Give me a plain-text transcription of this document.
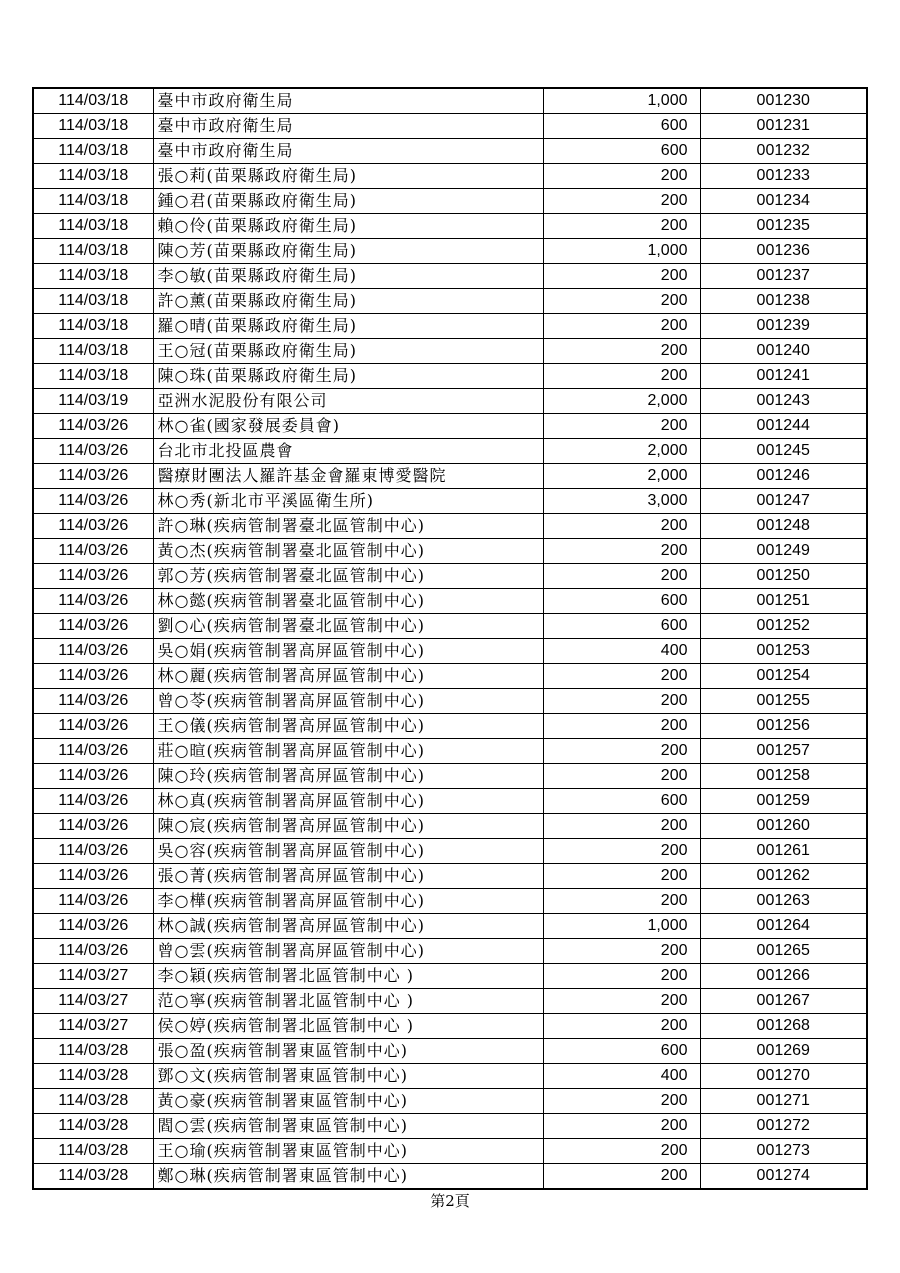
114/03/18	臺中市政府衛生局	1,000	001230
114/03/18	臺中市政府衛生局	600	001231
114/03/18	臺中市政府衛生局	600	001232
114/03/18	張○莉(苗栗縣政府衛生局)	200	001233
114/03/18	鍾○君(苗栗縣政府衛生局)	200	001234
114/03/18	賴○伶(苗栗縣政府衛生局)	200	001235
114/03/18	陳○芳(苗栗縣政府衛生局)	1,000	001236
114/03/18	李○敏(苗栗縣政府衛生局)	200	001237
114/03/18	許○薰(苗栗縣政府衛生局)	200	001238
114/03/18	羅○晴(苗栗縣政府衛生局)	200	001239
114/03/18	王○冠(苗栗縣政府衛生局)	200	001240
114/03/18	陳○珠(苗栗縣政府衛生局)	200	001241
114/03/19	亞洲水泥股份有限公司	2,000	001243
114/03/26	林○雀(國家發展委員會)	200	001244
114/03/26	台北市北投區農會	2,000	001245
114/03/26	醫療財團法人羅許基金會羅東博愛醫院	2,000	001246
114/03/26	林○秀(新北市平溪區衛生所)	3,000	001247
114/03/26	許○琳(疾病管制署臺北區管制中心)	200	001248
114/03/26	黃○杰(疾病管制署臺北區管制中心)	200	001249
114/03/26	郭○芳(疾病管制署臺北區管制中心)	200	001250
114/03/26	林○懿(疾病管制署臺北區管制中心)	600	001251
114/03/26	劉○心(疾病管制署臺北區管制中心)	600	001252
114/03/26	吳○娟(疾病管制署高屏區管制中心)	400	001253
114/03/26	林○麗(疾病管制署高屏區管制中心)	200	001254
114/03/26	曾○苓(疾病管制署高屏區管制中心)	200	001255
114/03/26	王○儀(疾病管制署高屏區管制中心)	200	001256
114/03/26	莊○暄(疾病管制署高屏區管制中心)	200	001257
114/03/26	陳○玲(疾病管制署高屏區管制中心)	200	001258
114/03/26	林○真(疾病管制署高屏區管制中心)	600	001259
114/03/26	陳○宸(疾病管制署高屏區管制中心)	200	001260
114/03/26	吳○容(疾病管制署高屏區管制中心)	200	001261
114/03/26	張○菁(疾病管制署高屏區管制中心)	200	001262
114/03/26	李○樺(疾病管制署高屏區管制中心)	200	001263
114/03/26	林○誠(疾病管制署高屏區管制中心)	1,000	001264
114/03/26	曾○雲(疾病管制署高屏區管制中心)	200	001265
114/03/27	李○穎(疾病管制署北區管制中心 )	200	001266
114/03/27	范○寧(疾病管制署北區管制中心 )	200	001267
114/03/27	侯○婷(疾病管制署北區管制中心 )	200	001268
114/03/28	張○盈(疾病管制署東區管制中心)	600	001269
114/03/28	鄧○文(疾病管制署東區管制中心)	400	001270
114/03/28	黃○豪(疾病管制署東區管制中心)	200	001271
114/03/28	閻○雲(疾病管制署東區管制中心)	200	001272
114/03/28	王○瑜(疾病管制署東區管制中心)	200	001273
114/03/28	鄭○琳(疾病管制署東區管制中心)	200	001274
第2頁
